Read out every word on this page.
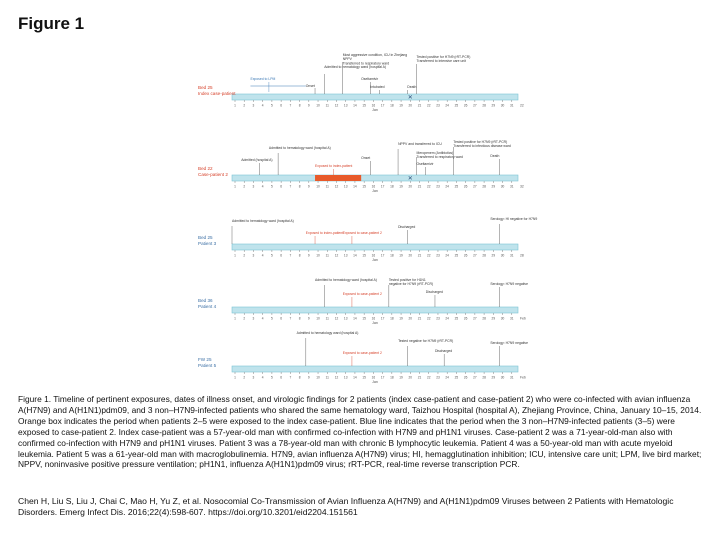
Figure 1
1 2 3 4 5 6 7 8 9 10 11 12 13 14 15 16 17 18 19 20 21 22 23 24 25 26 27 28 29 30 31
Jan
22
1 2 3 4 5 6 7 8 9 10 11 12 13 14 15 16 17 18 19 20 21 22 23 24 25 26 27 28 29 30 31
Jan
32
1 2 3 4 5 6 7 8 9 10 11 12 13 14 15 16 17 18 19 20 21 22 23 24 25 26 27 28 29 30 31
Jan
28
1 2 3 4 5 6 7 8 9 10 11 12 13 14 15 16 17 18 19 20 21 22 23 24 25 26 27 28 29 30 31
Jan
Feb
1 2 3 4 5 6 7 8 9 10 11 12 13 14 15 16 17 18 19 20 21 22 23 24 25 26 27 28 29 30 31
Jan
Feb
✕
✕
Bed 25
Index case-patient
Bed 22
Case-patient 2
Bed 25
Patient 3
Bed 36
Patient 4
FW 25
Patient 5
Exposed to LPM
Onset
Admitted to hematology ward (hospital A)
Most aggressive condition, ICU in Zhejiang
NPPV
Transferred to respiratory ward
Oseltamivir
Intubated	Death
Tested positive for H7N9 (rRT-PCR)
Transferred to intensive care unit
Admitted to hematology ward (hospital A)
Admitted (hospital A)	Onset
Exposed to index-patient
NPPV and transferred to ICU
Meropenem (Antibiotics)
Transferred to respiratory ward
Tested positive for H7N9 (rRT-PCR)
Transferred to infectious disease ward
Death
Oseltamivir
Admitted to hematology ward (hospital A)
Exposed to index-patient Exposed to case-patient 2
Discharged
Serology: HI negative for H7N9
Admitted to hematology ward (hospital A)
Exposed to case-patient 2
Tested positive for H1N1
negative for H7N9 (rRT-PCR)
Discharged
Serology: H7N9 negative
Admitted to hematology ward (hospital A)
Exposed to case-patient 2
Tested negative for H7N9 (rRT-PCR)
Discharged
Serology: H7N9 negative
Figure 1. Timeline of pertinent exposures, dates of illness onset, and virologic findings for 2 patients (index case-patient and case-patient 2) who were co-infected with avian influenza A(H7N9) and A(H1N1)pdm09, and 3 non–H7N9-infected patients who shared the same hematology ward, Taizhou Hospital (hospital A), Zhejiang Province, China, January 10–15, 2014. Orange box indicates the period when patients 2–5 were exposed to the index case-patient. Blue line indicates that the period when the 3 non–H7N9-infected patients (3–5) were exposed to case-patient 2. Index case-patient was a 57-year-old man with confirmed co-infection with H7N9 and pH1N1 viruses. Case-patient 2 was a 71-year-old-man also with confirmed co-infection with H7N9 and pH1N1 viruses. Patient 3 was a 78-year-old man with chronic B lymphocytic leukemia. Patient 4 was a 50-year-old man with acute myeloid leukemia. Patient 5 was a 61-year-old man with macroglobulinemia. H7N9, avian influenza A(H7N9) virus; HI, hemagglutination inhibition; ICU, intensive care unit; LPM, live bird market; NPPV, noninvasive positive pressure ventilation; pH1N1, influenza A(H1N1)pdm09 virus; rRT-PCR, real-time reverse transcription PCR.
Chen H, Liu S, Liu J, Chai C, Mao H, Yu Z, et al. Nosocomial Co-Transmission of Avian Influenza A(H7N9) and A(H1N1)pdm09 Viruses between 2 Patients with Hematologic Disorders. Emerg Infect Dis. 2016;22(4):598-607. https://doi.org/10.3201/eid2204.151561
